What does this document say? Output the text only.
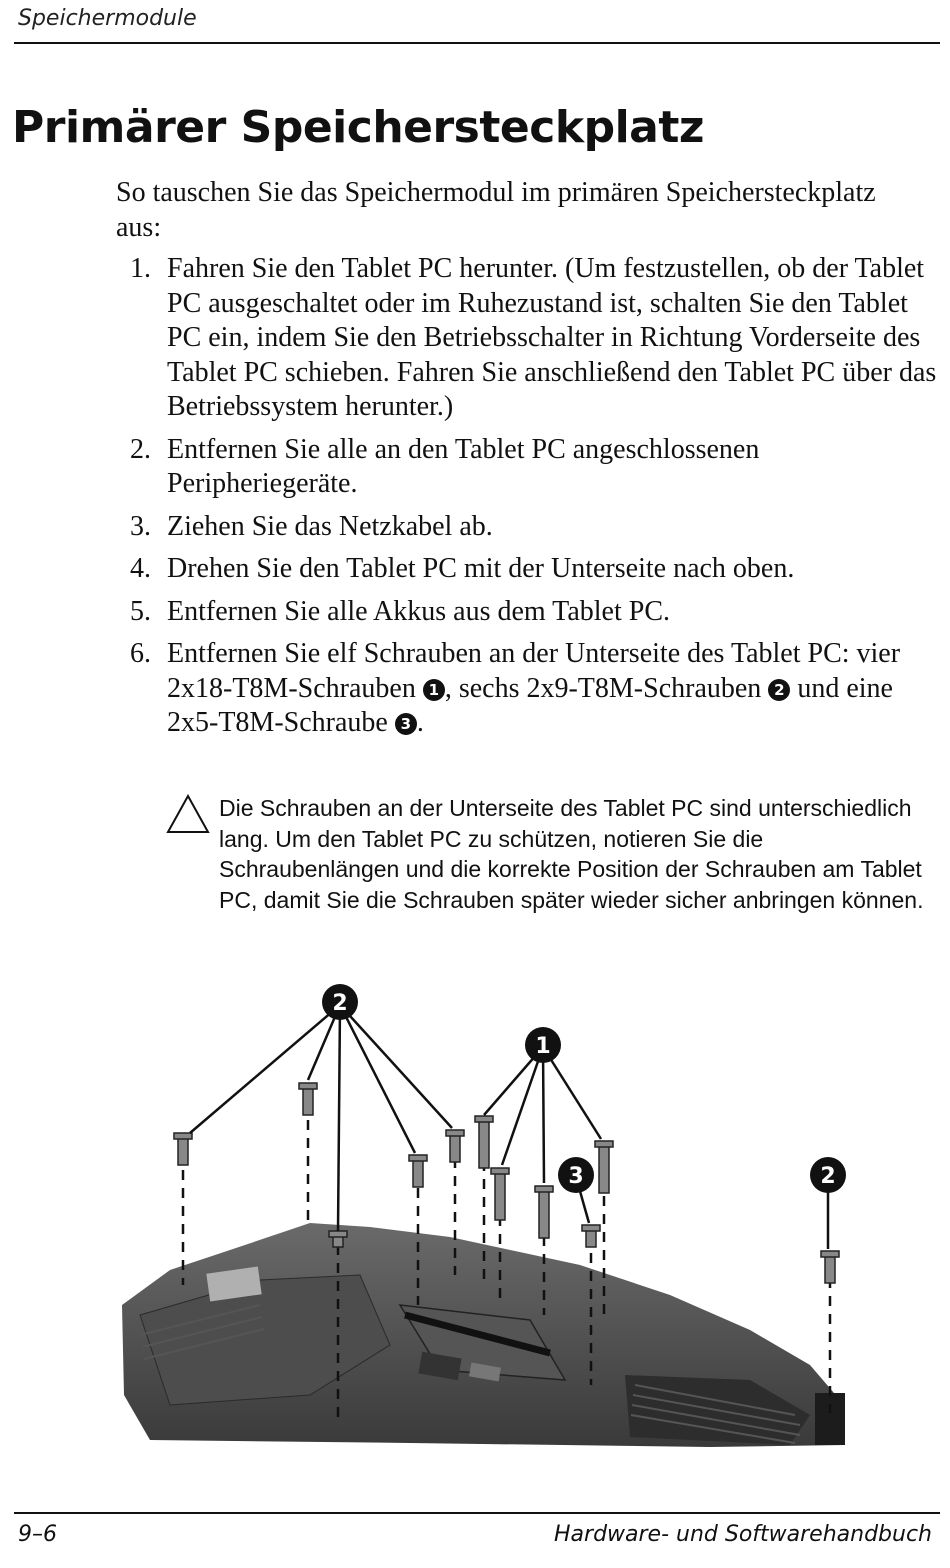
Speichermodule
Primärer Speichersteckplatz

So tauschen Sie das Speichermodul im primären Speichersteckplatz aus:

1. Fahren Sie den Tablet PC herunter. (Um festzustellen, ob der Tablet PC ausgeschaltet oder im Ruhezustand ist, schalten Sie den Tablet PC ein, indem Sie den Betriebsschalter in Richtung Vorderseite des Tablet PC schieben. Fahren Sie anschließend den Tablet PC über das Betriebssystem herunter.)
2. Entfernen Sie alle an den Tablet PC angeschlossenen Peripheriegeräte.
3. Ziehen Sie das Netzkabel ab.
4. Drehen Sie den Tablet PC mit der Unterseite nach oben.
5. Entfernen Sie alle Akkus aus dem Tablet PC.
6. Entfernen Sie elf Schrauben an der Unterseite des Tablet PC: vier 2x18-T8M-Schrauben 1 , sechs 2x9-T8M-Schrauben 2 und eine 2x5-T8M-Schraube 3 .

Die Schrauben an der Unterseite des Tablet PC sind unterschiedlich lang. Um den Tablet PC zu schützen, notieren Sie die Schraubenlängen und die korrekte Position der Schrauben am Tablet PC, damit Sie die Schrauben später wieder sicher anbringen können.

2
1
3	2
9–6	Hardware- und Softwarehandbuch
